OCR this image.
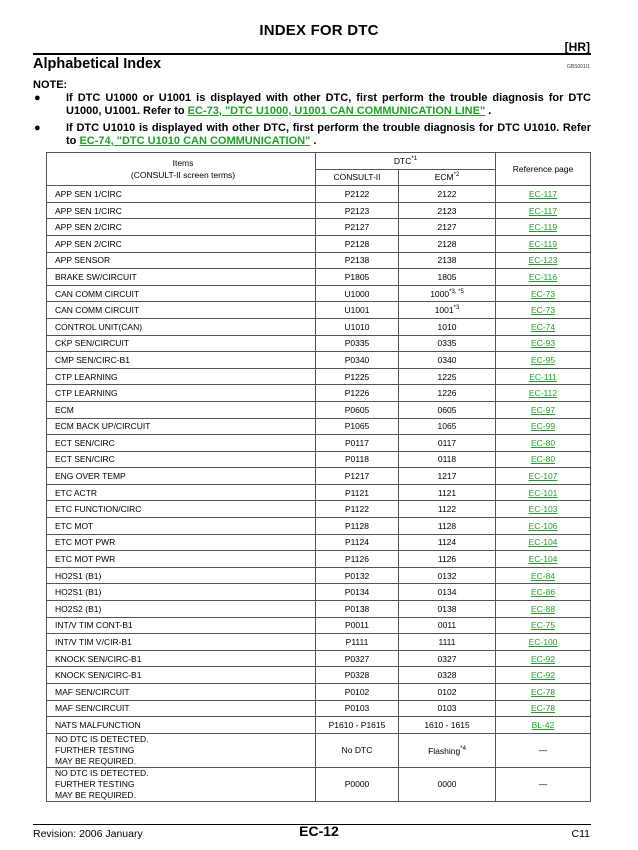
INDEX FOR DTC
[HR]
Alphabetical Index	GBS001I1
NOTE:
● If DTC U1000 or U1001 is displayed with other DTC, first perform the trouble diagnosis for DTC U1000, U1001. Refer to EC-73, "DTC U1000, U1001 CAN COMMUNICATION LINE" .
● If DTC U1010 is displayed with other DTC, first perform the trouble diagnosis for DTC U1010. Refer to EC-74, "DTC U1010 CAN COMMUNICATION" .
Items
(CONSULT-II screen terms)	DTC$^{*1}$		Reference page
	CONSULT-II	ECM$^{*2}$
APP SEN 1/CIRC	P2122	2122	EC-117
APP SEN 1/CIRC	P2123	2123	EC-117
APP SEN 2/CIRC	P2127	2127	EC-119
APP SEN 2/CIRC	P2128	2128	EC-119
APP SENSOR	P2138	2138	EC-123
BRAKE SW/CIRCUIT	P1805	1805	EC-116
CAN COMM CIRCUIT	U1000	$1000^{*3, *5}$	EC-73
CAN COMM CIRCUIT	U1001	1001$^{*3}$	EC-73
CONTROL UNIT(CAN)	U1010	1010	EC-74
CKP SEN/CIRCUIT	P0335	0335	EC-93
CMP SEN/CIRC-B1	P0340	0340	EC-95
CTP LEARNING	P1225	1225	EC-111
CTP LEARNING	P1226	1226	EC-112
ECM	P0605	0605	EC-97
ECM BACK UP/CIRCUIT	P1065	1065	EC-99
ECT SEN/CIRC	P0117	0117	EC-80
ECT SEN/CIRC	P0118	0118	EC-80
ENG OVER TEMP	P1217	1217	EC-107
ETC ACTR	P1121	1121	EC-101
ETC FUNCTION/CIRC	P1122	1122	EC-103
ETC MOT	P1128	1128	EC-106
ETC MOT PWR	P1124	1124	EC-104
ETC MOT PWR	P1126	1126	EC-104
HO2S1 (B1)	P0132	0132	EC-84
HO2S1 (B1)	P0134	0134	EC-86
HO2S2 (B1)	P0138	0138	EC-88
INT/V TIM CONT-B1	P0011	0011	EC-75
INT/V TIM V/CIR-B1	P1111	1111	EC-100
KNOCK SEN/CIRC-B1	P0327	0327	EC-92
KNOCK SEN/CIRC-B1	P0328	0328	EC-92
MAF SEN/CIRCUIT	P0102	0102	EC-78
MAF SEN/CIRCUIT	P0103	0103	EC-78
NATS MALFUNCTION	P1610 - P1615	1610 - 1615	BL-42
NO DTC IS DETECTED.
FURTHER TESTING
MAY BE REQUIRED.	No DTC	Flashing$^{*4}$	—
NO DTC IS DETECTED.
FURTHER TESTING
MAY BE REQUIRED.	P0000	0000	—
Revision: 2006 January	EC-12	C11
